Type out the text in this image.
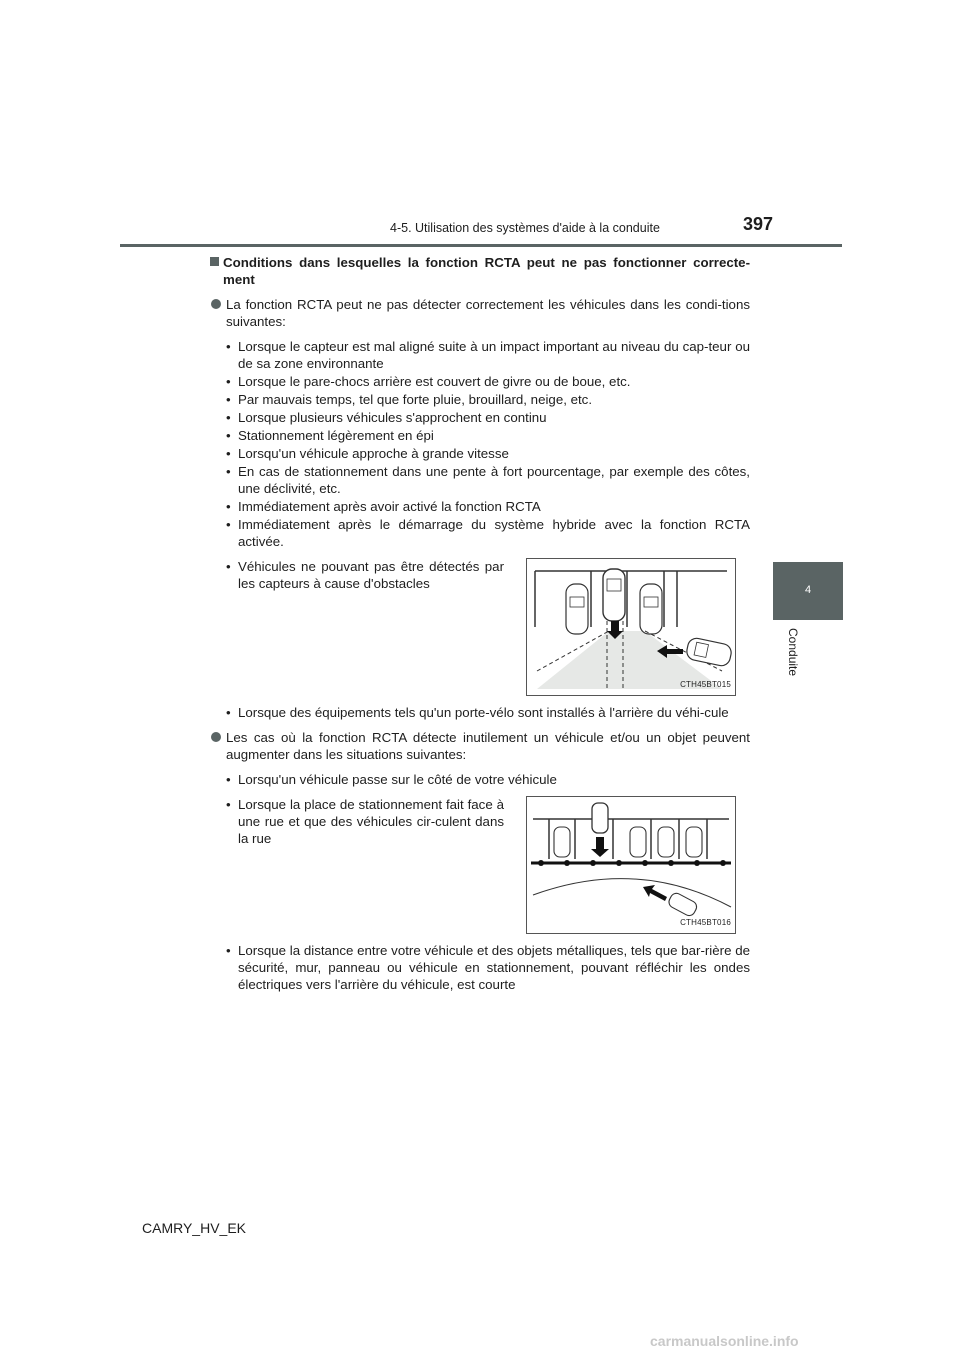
4-5. Utilisation des systèmes d'aide à la conduite	397
4
Conduite
Conditions dans lesquelles la fonction RCTA peut ne pas fonctionner correcte-ment
La fonction RCTA peut ne pas détecter correctement les véhicules dans les condi-tions suivantes:
• Lorsque le capteur est mal aligné suite à un impact important au niveau du cap-teur ou de sa zone environnante
• Lorsque le pare-chocs arrière est couvert de givre ou de boue, etc.
• Par mauvais temps, tel que forte pluie, brouillard, neige, etc.
• Lorsque plusieurs véhicules s'approchent en continu
• Stationnement légèrement en épi
• Lorsqu'un véhicule approche à grande vitesse
• En cas de stationnement dans une pente à fort pourcentage, par exemple des côtes, une déclivité, etc.
• Immédiatement après avoir activé la fonction RCTA
• Immédiatement après le démarrage du système hybride avec la fonction RCTA activée.
• Véhicules ne pouvant pas être détectés par les capteurs à cause d'obstacles
CTH45BT015
• Lorsque des équipements tels qu'un porte-vélo sont installés à l'arrière du véhi-cule
Les cas où la fonction RCTA détecte inutilement un véhicule et/ou un objet peuvent augmenter dans les situations suivantes:
• Lorsqu'un véhicule passe sur le côté de votre véhicule
• Lorsque la place de stationnement fait face à une rue et que des véhicules cir-culent dans la rue
CTH45BT016
• Lorsque la distance entre votre véhicule et des objets métalliques, tels que bar-rière de sécurité, mur, panneau ou véhicule en stationnement, pouvant réfléchir les ondes électriques vers l'arrière du véhicule, est courte
CAMRY_HV_EK
carmanualsonline.info
